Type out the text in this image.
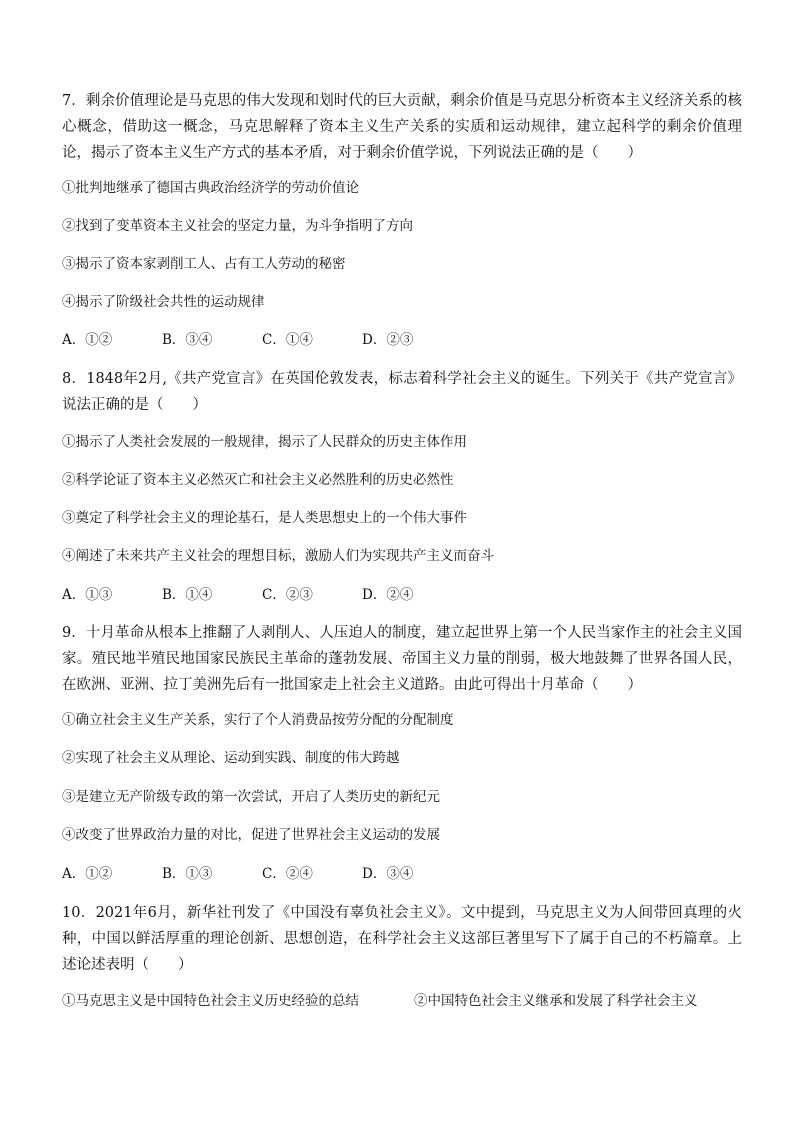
7．剩余价值理论是马克思的伟大发现和划时代的巨大贡献，剩余价值是马克思分析资本主义经济关系的核心概念，借助这一概念，马克思解释了资本主义生产关系的实质和运动规律，建立起科学的剩余价值理论，揭示了资本主义生产方式的基本矛盾，对于剩余价值学说，下列说法正确的是（　　）

①批判地继承了德国古典政治经济学的劳动价值论

②找到了变革资本主义社会的坚定力量，为斗争指明了方向

③揭示了资本家剥削工人、占有工人劳动的秘密

④揭示了阶级社会共性的运动规律

A．①②	B．③④	C．①④	D．②③

8．1848年2月,《共产党宣言》在英国伦敦发表，标志着科学社会主义的诞生。下列关于《共产党宣言》说法正确的是（　　）

①揭示了人类社会发展的一般规律，揭示了人民群众的历史主体作用

②科学论证了资本主义必然灭亡和社会主义必然胜利的历史必然性

③奠定了科学社会主义的理论基石，是人类思想史上的一个伟大事件

④阐述了未来共产主义社会的理想目标，激励人们为实现共产主义而奋斗

A．①③	B．①④	C．②③	D．②④

9．十月革命从根本上推翻了人剥削人、人压迫人的制度，建立起世界上第一个人民当家作主的社会主义国家。殖民地半殖民地国家民族民主革命的蓬勃发展、帝国主义力量的削弱，极大地鼓舞了世界各国人民，在欧洲、亚洲、拉丁美洲先后有一批国家走上社会主义道路。由此可得出十月革命（　　）

①确立社会主义生产关系，实行了个人消费品按劳分配的分配制度

②实现了社会主义从理论、运动到实践、制度的伟大跨越

③是建立无产阶级专政的第一次尝试，开启了人类历史的新纪元

④改变了世界政治力量的对比，促进了世界社会主义运动的发展

A．①②	B．①③	C．②④	D．③④

10．2021年6月，新华社刊发了《中国没有辜负社会主义》。文中提到，马克思主义为人间带回真理的火种，中国以鲜活厚重的理论创新、思想创造，在科学社会主义这部巨著里写下了属于自己的不朽篇章。上述论述表明（　　）

①马克思主义是中国特色社会主义历史经验的总结	②中国特色社会主义继承和发展了科学社会主义
